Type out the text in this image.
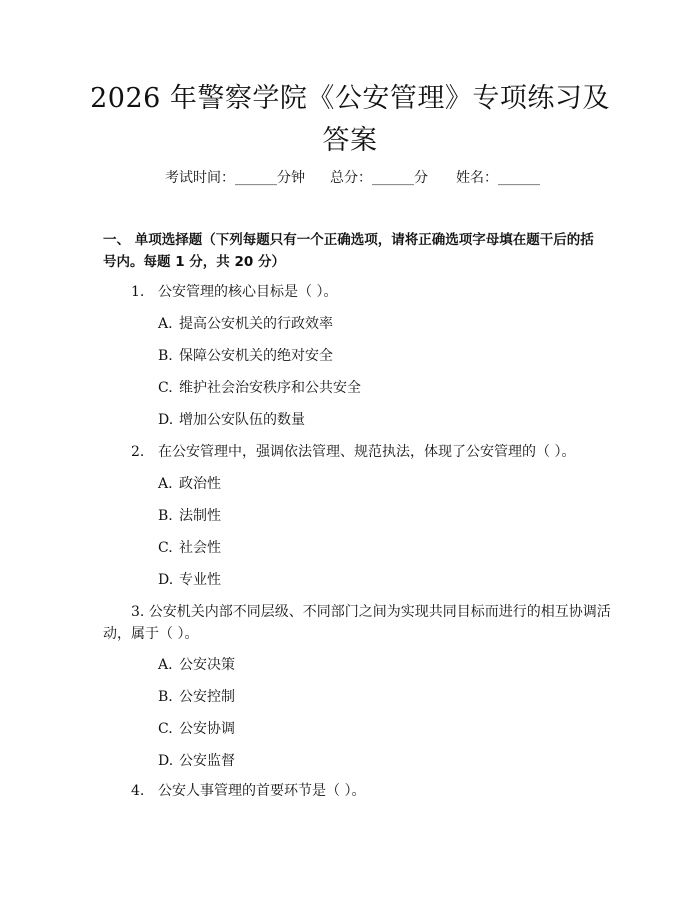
2026 年警察学院《公安管理》专项练习及答案
考试时间：______分钟 总分：______分 姓名：______
一、 单项选择题（下列每题只有一个正确选项，请将正确选项字母填在题干后的括号内。每题 1 分，共 20 分）
1. 公安管理的核心目标是（ ）。
A. 提高公安机关的行政效率
B. 保障公安机关的绝对安全
C. 维护社会治安秩序和公共安全
D. 增加公安队伍的数量
2. 在公安管理中，强调依法管理、规范执法，体现了公安管理的（ ）。
A. 政治性
B. 法制性
C. 社会性
D. 专业性
3. 公安机关内部不同层级、不同部门之间为实现共同目标而进行的相互协调活动，属于（ ）。
A. 公安决策
B. 公安控制
C. 公安协调
D. 公安监督
4. 公安人事管理的首要环节是（ ）。
